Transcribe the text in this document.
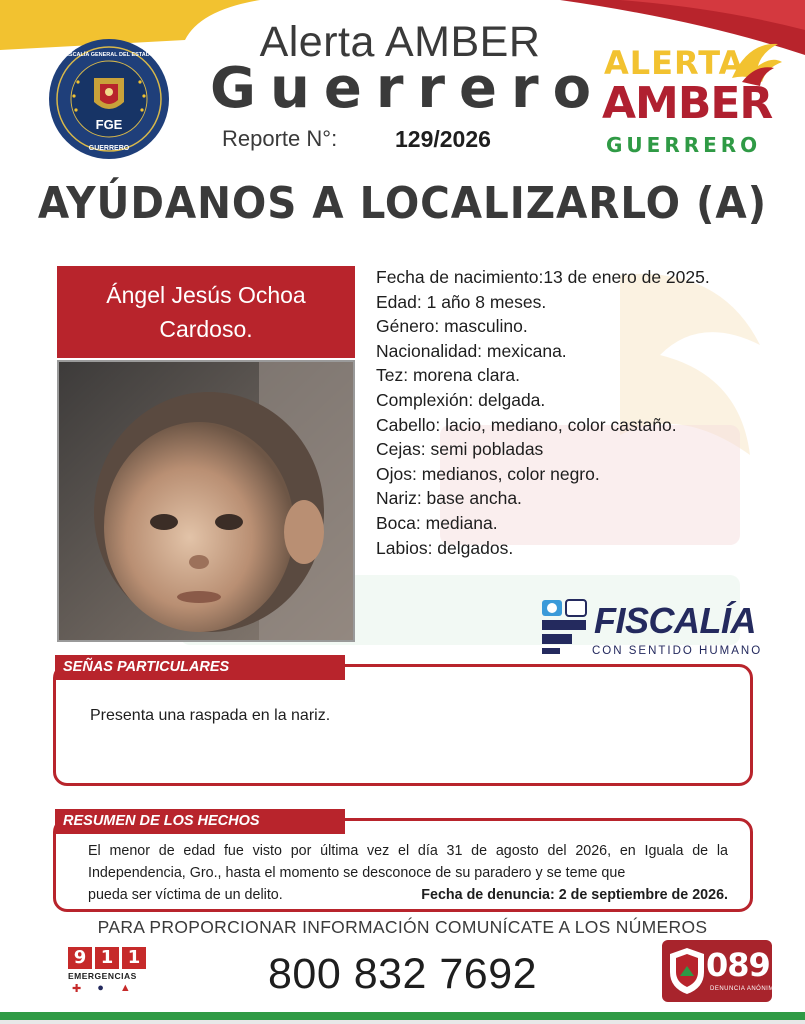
FGE
FISCALÍA GENERAL DEL ESTADO
GUERRERO
Alerta AMBER
Guerrero
Reporte N°:	129/2026
ALERTA
AMBER
GUERRERO
AYÚDANOS A LOCALIZARLO (A)
Ángel Jesús Ochoa Cardoso.
Fecha de nacimiento:13 de enero de 2025.
Edad: 1 año 8 meses.
Género: masculino.
Nacionalidad: mexicana.
Tez: morena clara.
Complexión: delgada.
Cabello: lacio, mediano, color castaño.
Cejas: semi pobladas
Ojos: medianos, color negro.
Nariz: base ancha.
Boca: mediana.
Labios: delgados.
FISCALÍA
CON SENTIDO HUMANO
SEÑAS PARTICULARES
Presenta una raspada en la nariz.
RESUMEN DE LOS HECHOS
El menor de edad fue visto por última vez el día 31 de agosto del 2026, en Iguala de la Independencia, Gro., hasta el momento se desconoce de su paradero y se teme que
pueda ser víctima de un delito.	Fecha de denuncia: 2 de septiembre de 2026.
PARA PROPORCIONAR INFORMACIÓN COMUNÍCATE A LOS NÚMEROS
800 832 7692
9 1 1
EMERGENCIAS
✚ ● ▲
089
DENUNCIA ANÓNIMA
